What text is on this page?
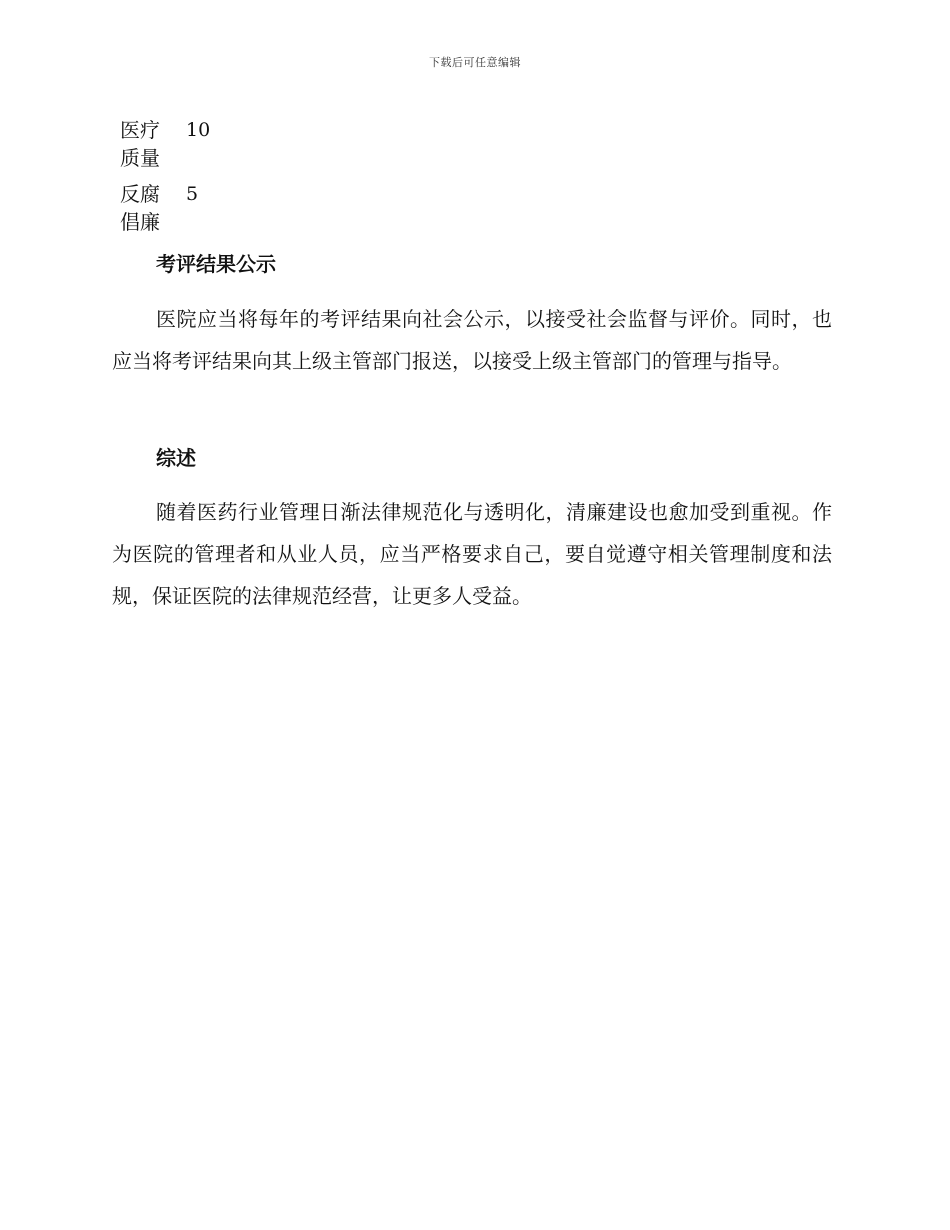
下载后可任意编辑
医疗质量
10
反腐倡廉
5
考评结果公示
医院应当将每年的考评结果向社会公示，以接受社会监督与评价。同时，也应当将考评结果向其上级主管部门报送，以接受上级主管部门的管理与指导。
综述
随着医药行业管理日渐法律规范化与透明化，清廉建设也愈加受到重视。作为医院的管理者和从业人员，应当严格要求自己，要自觉遵守相关管理制度和法规，保证医院的法律规范经营，让更多人受益。
